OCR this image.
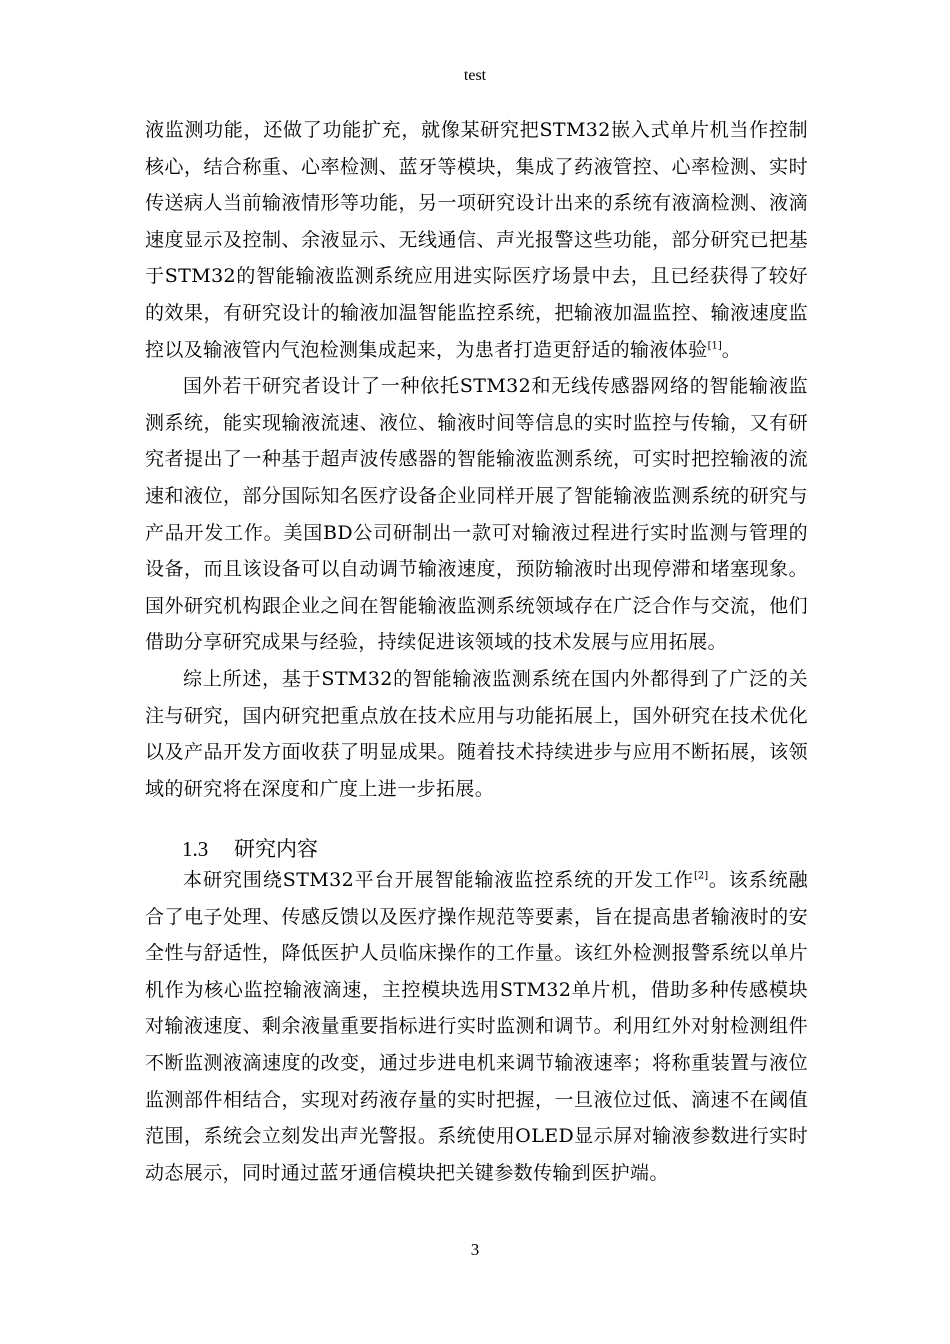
test

液监测功能，还做了功能扩充，就像某研究把STM32嵌入式单片机当作控制核心，结合称重、心率检测、蓝牙等模块，集成了药液管控、心率检测、实时传送病人当前输液情形等功能，另一项研究设计出来的系统有液滴检测、液滴速度显示及控制、余液显示、无线通信、声光报警这些功能，部分研究已把基于STM32的智能输液监测系统应用进实际医疗场景中去，且已经获得了较好的效果，有研究设计的输液加温智能监控系统，把输液加温监控、输液速度监控以及输液管内气泡检测集成起来，为患者打造更舒适的输液体验[1]。

国外若干研究者设计了一种依托STM32和无线传感器网络的智能输液监测系统，能实现输液流速、液位、输液时间等信息的实时监控与传输，又有研究者提出了一种基于超声波传感器的智能输液监测系统，可实时把控输液的流速和液位，部分国际知名医疗设备企业同样开展了智能输液监测系统的研究与产品开发工作。美国BD公司研制出一款可对输液过程进行实时监测与管理的设备，而且该设备可以自动调节输液速度，预防输液时出现停滞和堵塞现象。国外研究机构跟企业之间在智能输液监测系统领域存在广泛合作与交流，他们借助分享研究成果与经验，持续促进该领域的技术发展与应用拓展。

综上所述，基于STM32的智能输液监测系统在国内外都得到了广泛的关注与研究，国内研究把重点放在技术应用与功能拓展上，国外研究在技术优化以及产品开发方面收获了明显成果。随着技术持续进步与应用不断拓展，该领域的研究将在深度和广度上进一步拓展。

1.3 研究内容

本研究围绕STM32平台开展智能输液监控系统的开发工作[2]。该系统融合了电子处理、传感反馈以及医疗操作规范等要素，旨在提高患者输液时的安全性与舒适性，降低医护人员临床操作的工作量。该红外检测报警系统以单片机作为核心监控输液滴速，主控模块选用STM32单片机，借助多种传感模块对输液速度、剩余液量重要指标进行实时监测和调节。利用红外对射检测组件不断监测液滴速度的改变，通过步进电机来调节输液速率；将称重装置与液位监测部件相结合，实现对药液存量的实时把握，一旦液位过低、滴速不在阈值范围，系统会立刻发出声光警报。系统使用OLED显示屏对输液参数进行实时动态展示，同时通过蓝牙通信模块把关键参数传输到医护端。

3
